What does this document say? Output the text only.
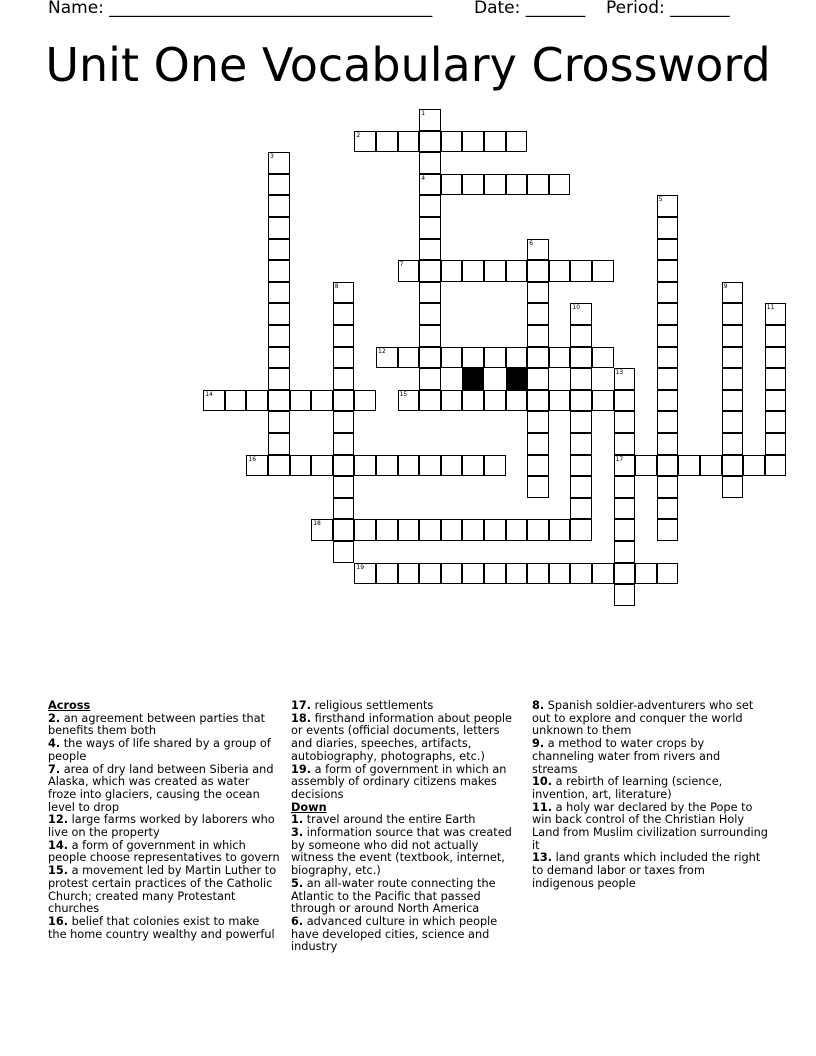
Name: ______________________________________ Date: _______ Period: _______
Unit One Vocabulary Crossword
1
4
2
3
5
6
7
8	9
10	11
12
13
17
14	15
16
18
19
Across
2. an agreement between parties that benefits them both
4. the ways of life shared by a group of people
7. area of dry land between Siberia and Alaska, which was created as water froze into glaciers, causing the ocean level to drop
12. large farms worked by laborers who live on the property
14. a form of government in which people choose representatives to govern
15. a movement led by Martin Luther to protest certain practices of the Catholic Church; created many Protestant churches
16. belief that colonies exist to make the home country wealthy and powerful
17. religious settlements
18. firsthand information about people or events (official documents, letters and diaries, speeches, artifacts, autobiography, photographs, etc.)
19. a form of government in which an assembly of ordinary citizens makes decisions
Down
1. travel around the entire Earth
3. information source that was created by someone who did not actually witness the event (textbook, internet, biography, etc.)
5. an all-water route connecting the Atlantic to the Pacific that passed through or around North America
6. advanced culture in which people have developed cities, science and industry
8. Spanish soldier-adventurers who set out to explore and conquer the world unknown to them
9. a method to water crops by channeling water from rivers and streams
10. a rebirth of learning (science, invention, art, literature)
11. a holy war declared by the Pope to win back control of the Christian Holy Land from Muslim civilization surrounding it
13. land grants which included the right to demand labor or taxes from indigenous people
